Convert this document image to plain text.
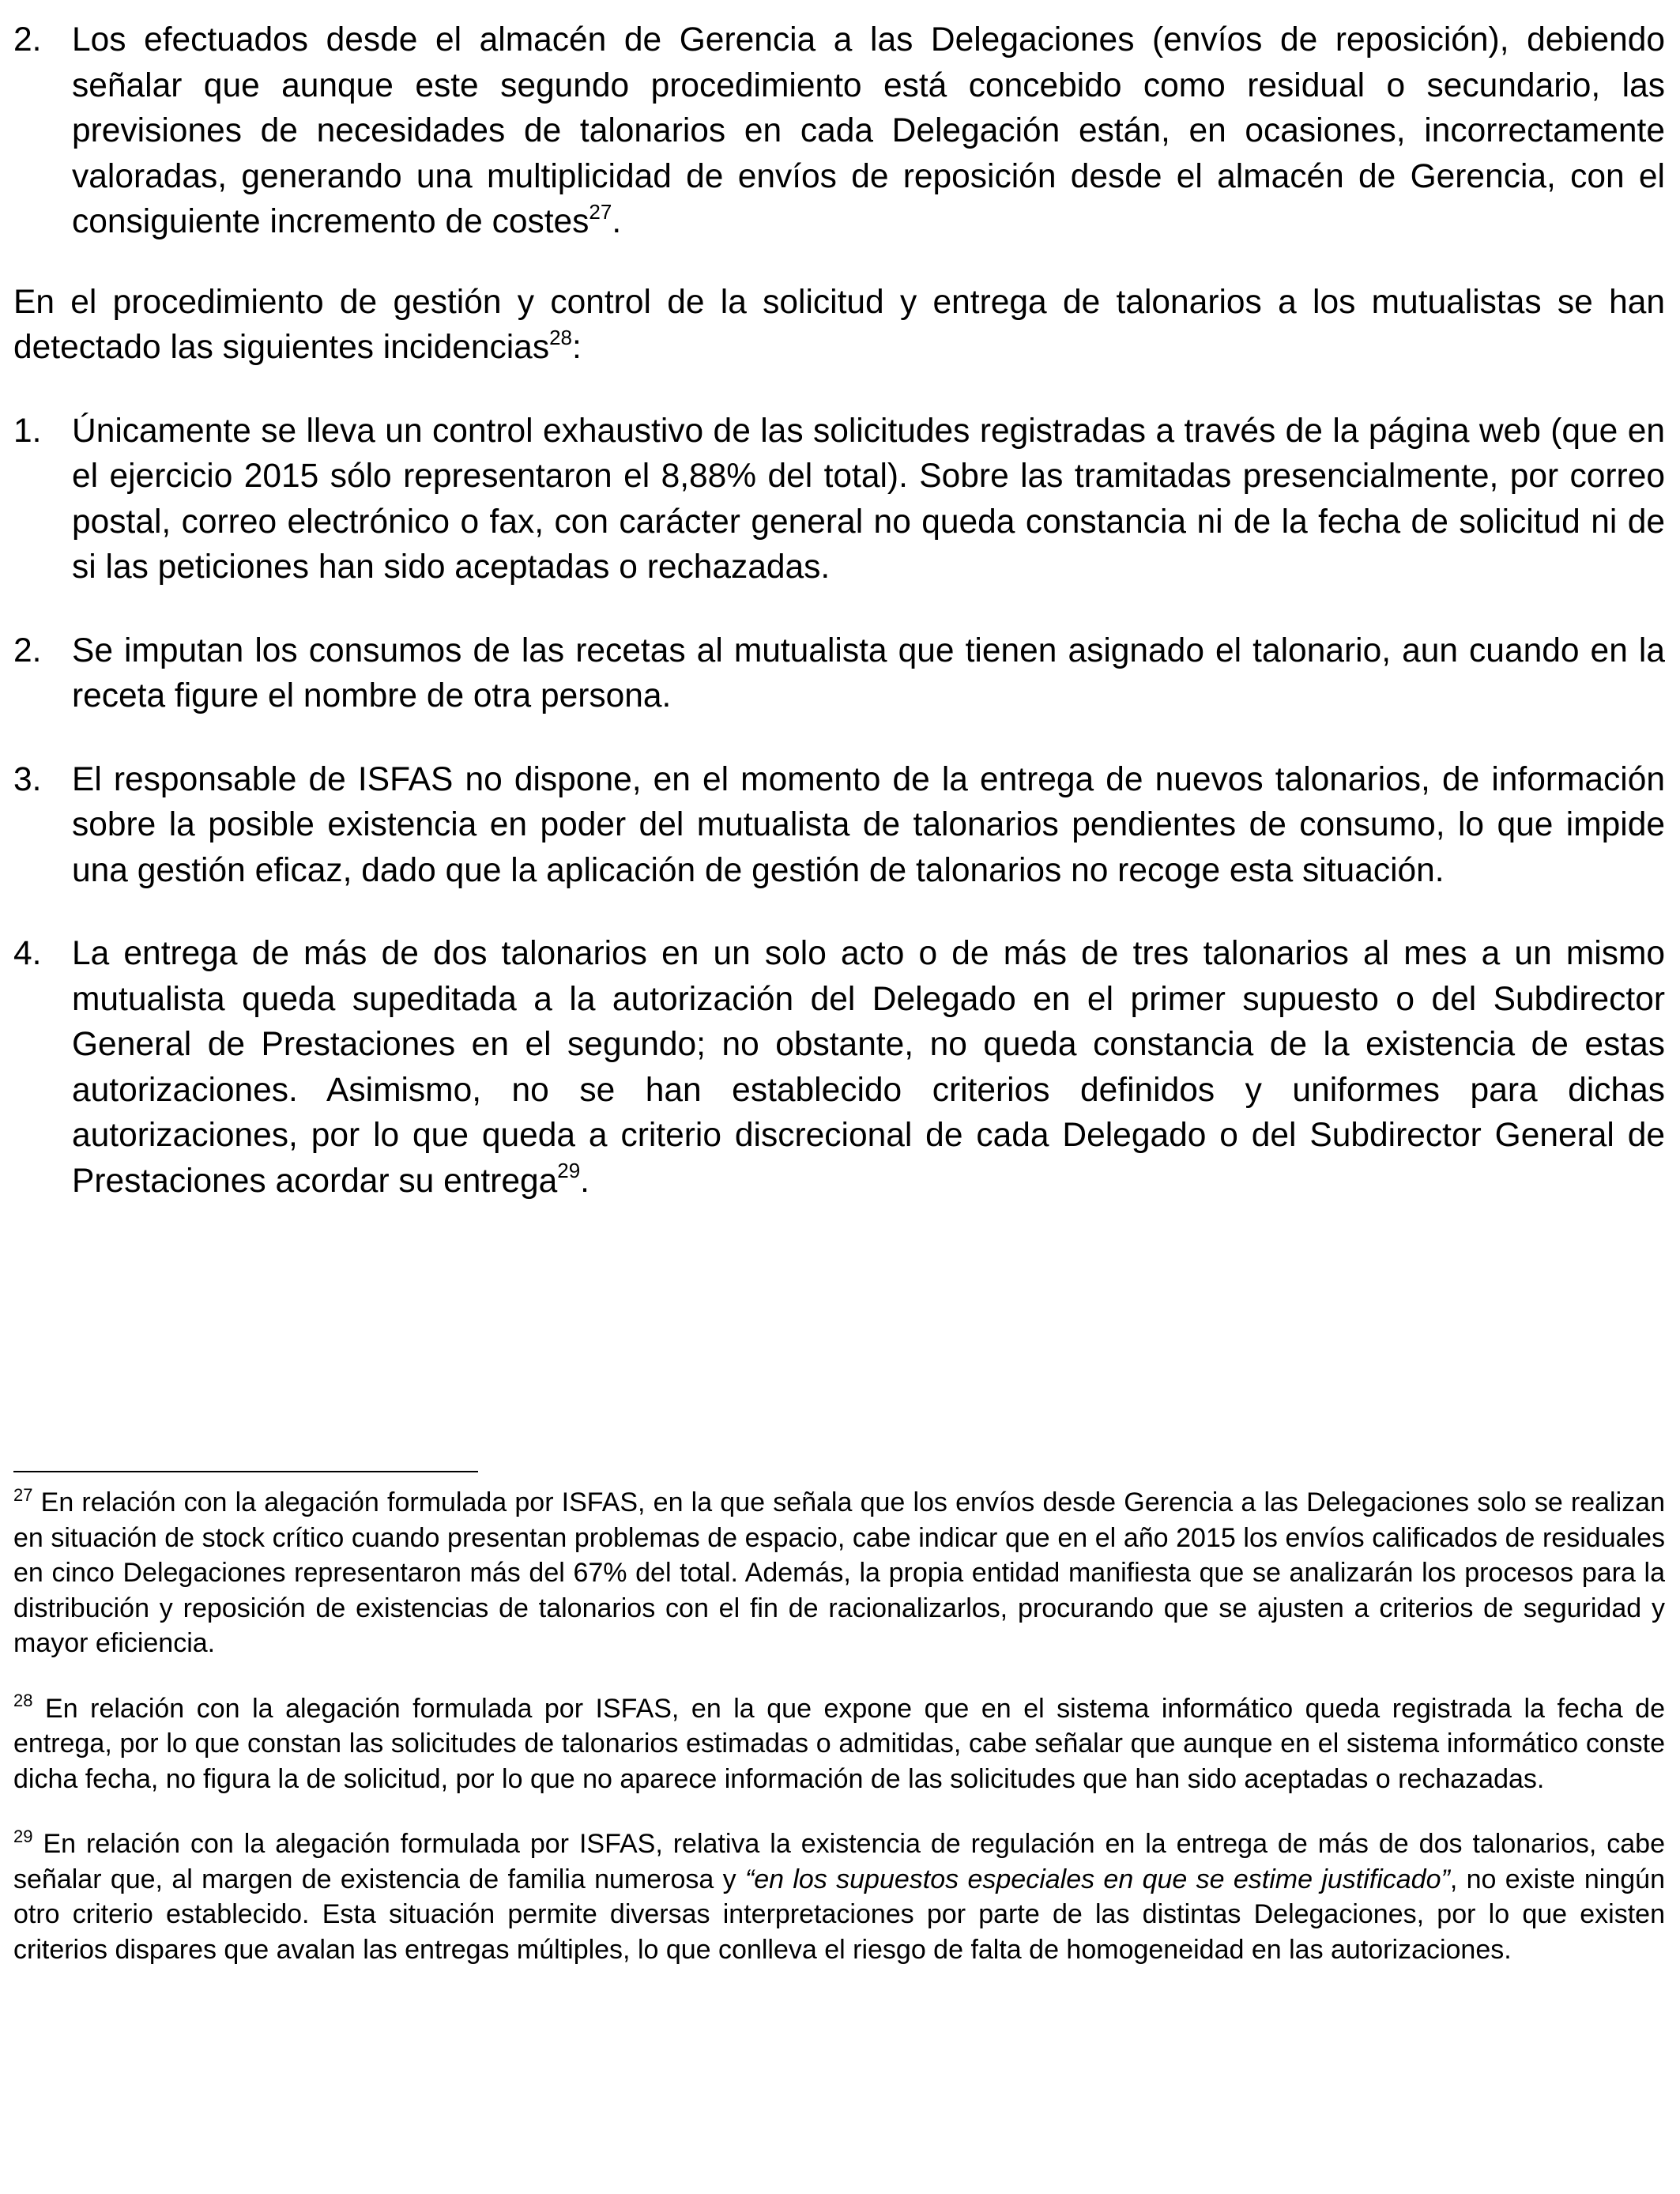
2. Los efectuados desde el almacén de Gerencia a las Delegaciones (envíos de reposición), debiendo señalar que aunque este segundo procedimiento está concebido como residual o secundario, las previsiones de necesidades de talonarios en cada Delegación están, en ocasiones, incorrectamente valoradas, generando una multiplicidad de envíos de reposición desde el almacén de Gerencia, con el consiguiente incremento de costes$^{27}$.
En el procedimiento de gestión y control de la solicitud y entrega de talonarios a los mutualistas se han detectado las siguientes incidencias$^{28}$:
1. Únicamente se lleva un control exhaustivo de las solicitudes registradas a través de la página web (que en el ejercicio 2015 sólo representaron el 8,88% del total). Sobre las tramitadas presencialmente, por correo postal, correo electrónico o fax, con carácter general no queda constancia ni de la fecha de solicitud ni de si las peticiones han sido aceptadas o rechazadas.
2. Se imputan los consumos de las recetas al mutualista que tienen asignado el talonario, aun cuando en la receta figure el nombre de otra persona.
3. El responsable de ISFAS no dispone, en el momento de la entrega de nuevos talonarios, de información sobre la posible existencia en poder del mutualista de talonarios pendientes de consumo, lo que impide una gestión eficaz, dado que la aplicación de gestión de talonarios no recoge esta situación.
4. La entrega de más de dos talonarios en un solo acto o de más de tres talonarios al mes a un mismo mutualista queda supeditada a la autorización del Delegado en el primer supuesto o del Subdirector General de Prestaciones en el segundo; no obstante, no queda constancia de la existencia de estas autorizaciones. Asimismo, no se han establecido criterios definidos y uniformes para dichas autorizaciones, por lo que queda a criterio discrecional de cada Delegado o del Subdirector General de Prestaciones acordar su entrega$^{29}$.
$^{27}$ En relación con la alegación formulada por ISFAS, en la que señala que los envíos desde Gerencia a las Delegaciones solo se realizan en situación de stock crítico cuando presentan problemas de espacio, cabe indicar que en el año 2015 los envíos calificados de residuales en cinco Delegaciones representaron más del 67% del total. Además, la propia entidad manifiesta que se analizarán los procesos para la distribución y reposición de existencias de talonarios con el fin de racionalizarlos, procurando que se ajusten a criterios de seguridad y mayor eficiencia.
$^{28}$ En relación con la alegación formulada por ISFAS, en la que expone que en el sistema informático queda registrada la fecha de entrega, por lo que constan las solicitudes de talonarios estimadas o admitidas, cabe señalar que aunque en el sistema informático conste dicha fecha, no figura la de solicitud, por lo que no aparece información de las solicitudes que han sido aceptadas o rechazadas.
$^{29}$ En relación con la alegación formulada por ISFAS, relativa la existencia de regulación en la entrega de más de dos talonarios, cabe señalar que, al margen de existencia de familia numerosa y “en los supuestos especiales en que se estime justificado”, no existe ningún otro criterio establecido. Esta situación permite diversas interpretaciones por parte de las distintas Delegaciones, por lo que existen criterios dispares que avalan las entregas múltiples, lo que conlleva el riesgo de falta de homogeneidad en las autorizaciones.
